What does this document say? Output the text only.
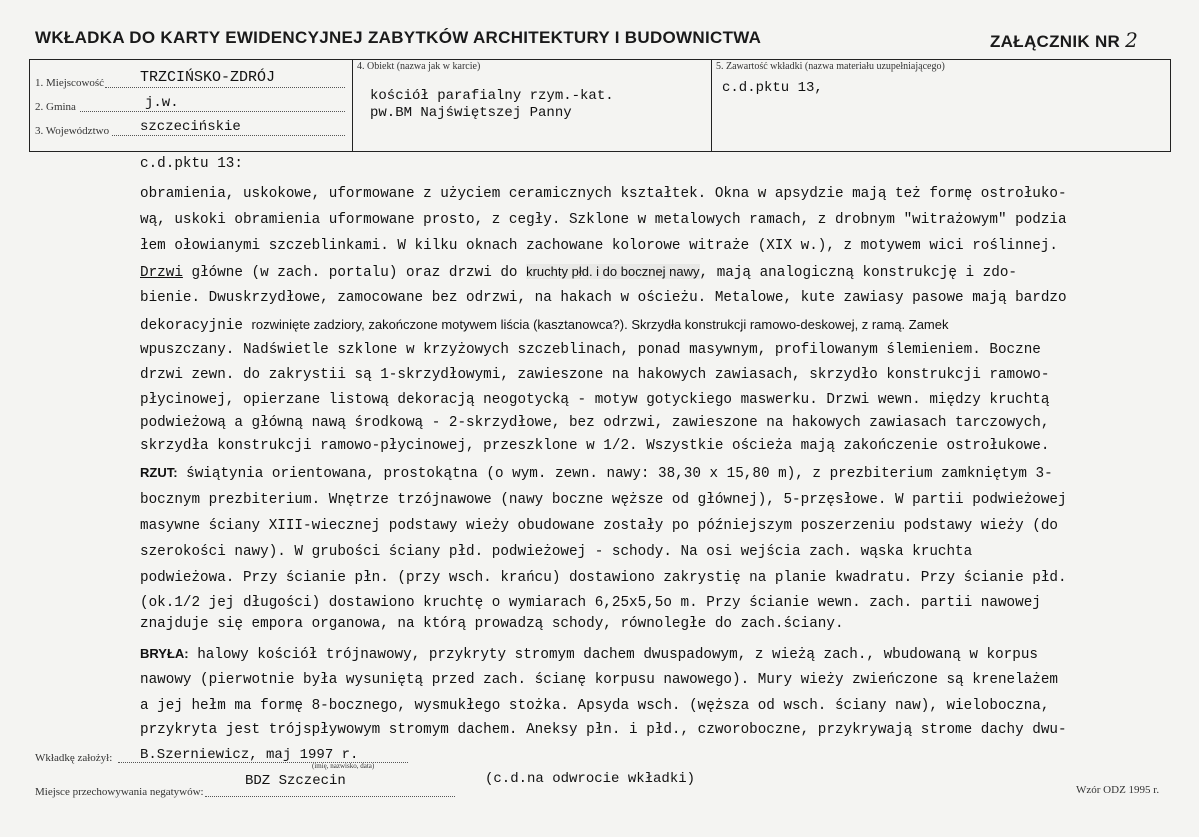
WKŁADKA DO KARTY EWIDENCYJNEJ ZABYTKÓW ARCHITEKTURY I BUDOWNICTWA	ZAŁĄCZNIK NR 2
1. Miejscowość TRZCIŃSKO-ZDRÓJ
2. Gmina	j.w.
3. Województwo szczecińskie
4. Obiekt (nazwa jak w karcie)
kościół parafialny rzym.-kat.
pw.BM Najświętszej Panny
5. Zawartość wkładki (nazwa materiału uzupełniającego)
c.d.pktu 13,
c.d.pktu 13:
obramienia, uskokowe, uformowane z użyciem ceramicznych kształtek. Okna w apsydzie mają też formę ostrołuko-
wą, uskoki obramienia uformowane prosto, z cegły. Szklone w metalowych ramach, z drobnym "witrażowym" podzia
łem ołowianymi szczeblinkami. W kilku oknach zachowane kolorowe witraże (XIX w.), z motywem wici roślinnej.
Drzwi główne (w zach. portalu) oraz drzwi do kruchty płd. i do bocznej nawy, mają analogiczną konstrukcję i zdo-
bienie. Dwuskrzydłowe, zamocowane bez odrzwi, na hakach w ościeżu. Metalowe, kute zawiasy pasowe mają bardzo
dekoracyjnie rozwinięte zadziory, zakończone motywem liścia (kasztanowca?). Skrzydła konstrukcji ramowo-deskowej, z ramą. Zamek
wpuszczany. Nadświetle szklone w krzyżowych szczeblinach, ponad masywnym, profilowanym ślemieniem. Boczne
drzwi zewn. do zakrystii są 1-skrzydłowymi, zawieszone na hakowych zawiasach, skrzydło konstrukcji ramowo-
płycinowej, opierzane listową dekoracją neogotycką - motyw gotyckiego maswerku. Drzwi wewn. między kruchtą
podwieżową a główną nawą środkową - 2-skrzydłowe, bez odrzwi, zawieszone na hakowych zawiasach tarczowych,
skrzydła konstrukcji ramowo-płycinowej, przeszklone w 1/2. Wszystkie ościeża mają zakończenie ostrołukowe.
RZUT: świątynia orientowana, prostokątna (o wym. zewn. nawy: 38,30 x 15,80 m), z prezbiterium zamkniętym 3-
bocznym prezbiterium. Wnętrze trzójnawowe (nawy boczne węższe od głównej), 5-przęsłowe. W partii podwieżowej
masywne ściany XIII-wiecznej podstawy wieży obudowane zostały po późniejszym poszerzeniu podstawy wieży (do
szerokości nawy). W grubości ściany płd. podwieżowej - schody. Na osi wejścia zach. wąska kruchta
podwieżowa. Przy ścianie płn. (przy wsch. krańcu) dostawiono zakrystię na planie kwadratu. Przy ścianie płd.
(ok.1/2 jej długości) dostawiono kruchtę o wymiarach 6,25x5,5o m. Przy ścianie wewn. zach. partii nawowej
znajduje się empora organowa, na którą prowadzą schody, równoległe do zach.ściany.
BRYŁA: halowy kościół trójnawowy, przykryty stromym dachem dwuspadowym, z wieżą zach., wbudowaną w korpus
nawowy (pierwotnie była wysuniętą przed zach. ścianę korpusu nawowego). Mury wieży zwieńczone są krenelażem
a jej hełm ma formę 8-bocznego, wysmukłego stożka. Apsyda wsch. (węższa od wsch. ściany naw), wieloboczna,
przykryta jest trójspływowym stromym dachem. Aneksy płn. i płd., czworoboczne, przykrywają strome dachy dwu-
Wkładkę założył: B.Szerniewicz, maj 1997 r.
(imię, nazwisko, data)
BDZ Szczecin	(c.d.na odwrocie wkładki)
Miejsce przechowywania negatywów:	Wzór ODZ 1995 r.
